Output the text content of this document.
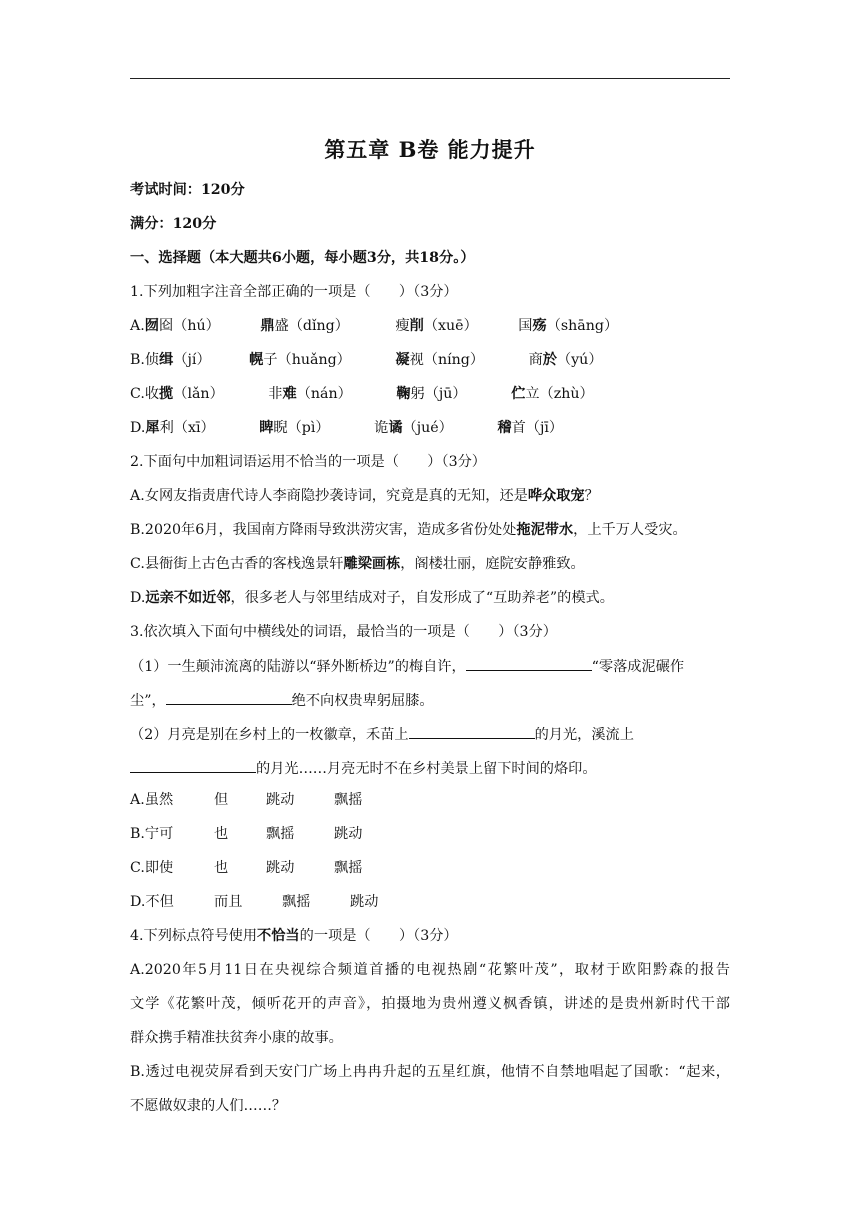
第五章 B卷 能力提升
考试时间：120分
满分：120分
一、选择题（本大题共6小题，每小题3分，共18分。）
1.下列加粗字注音全部正确的一项是（　　）（3分）
A.囫囵（hú）	鼎盛（dǐng）	瘦削（xuē）	国殇（shāng）
B.侦缉（jí）	幌子（huǎng）	凝视（níng）	商於（yú）
C.收揽（lǎn）	非难（nán）	鞠躬（jū）	伫立（zhù）
D.犀利（xī）	睥睨（pì）	诡谲（jué）	稽首（jī）
2.下面句中加粗词语运用不恰当的一项是（　　）（3分）
A.女网友指责唐代诗人李商隐抄袭诗词，究竟是真的无知，还是哗众取宠？
B.2020年6月，我国南方降雨导致洪涝灾害，造成多省份处处拖泥带水，上千万人受灾。
C.县衙街上古色古香的客栈逸景轩雕梁画栋，阁楼壮丽，庭院安静雅致。
D.远亲不如近邻，很多老人与邻里结成对子，自发形成了“互助养老”的模式。
3.依次填入下面句中横线处的词语，最恰当的一项是（　　）（3分）
（1）一生颠沛流离的陆游以“驿外断桥边”的梅自许，	“零落成泥碾作
尘”，	绝不向权贵卑躬屈膝。
（2）月亮是别在乡村上的一枚徽章，禾苗上	的月光，溪流上
的月光……月亮无时不在乡村美景上留下时间的烙印。
A.虽然	但	跳动	飘摇
B.宁可	也	飘摇	跳动
C.即使	也	跳动	飘摇
D.不但	而且	飘摇	跳动
4.下列标点符号使用不恰当的一项是（　　）（3分）
A.2020年5月11日在央视综合频道首播的电视热剧“花繁叶茂”，取材于欧阳黔森的报告
文学《花繁叶茂，倾听花开的声音》，拍摄地为贵州遵义枫香镇，讲述的是贵州新时代干部
群众携手精准扶贫奔小康的故事。
B.透过电视荧屏看到天安门广场上冉冉升起的五星红旗，他情不自禁地唱起了国歌：“起来，
不愿做奴隶的人们……？
